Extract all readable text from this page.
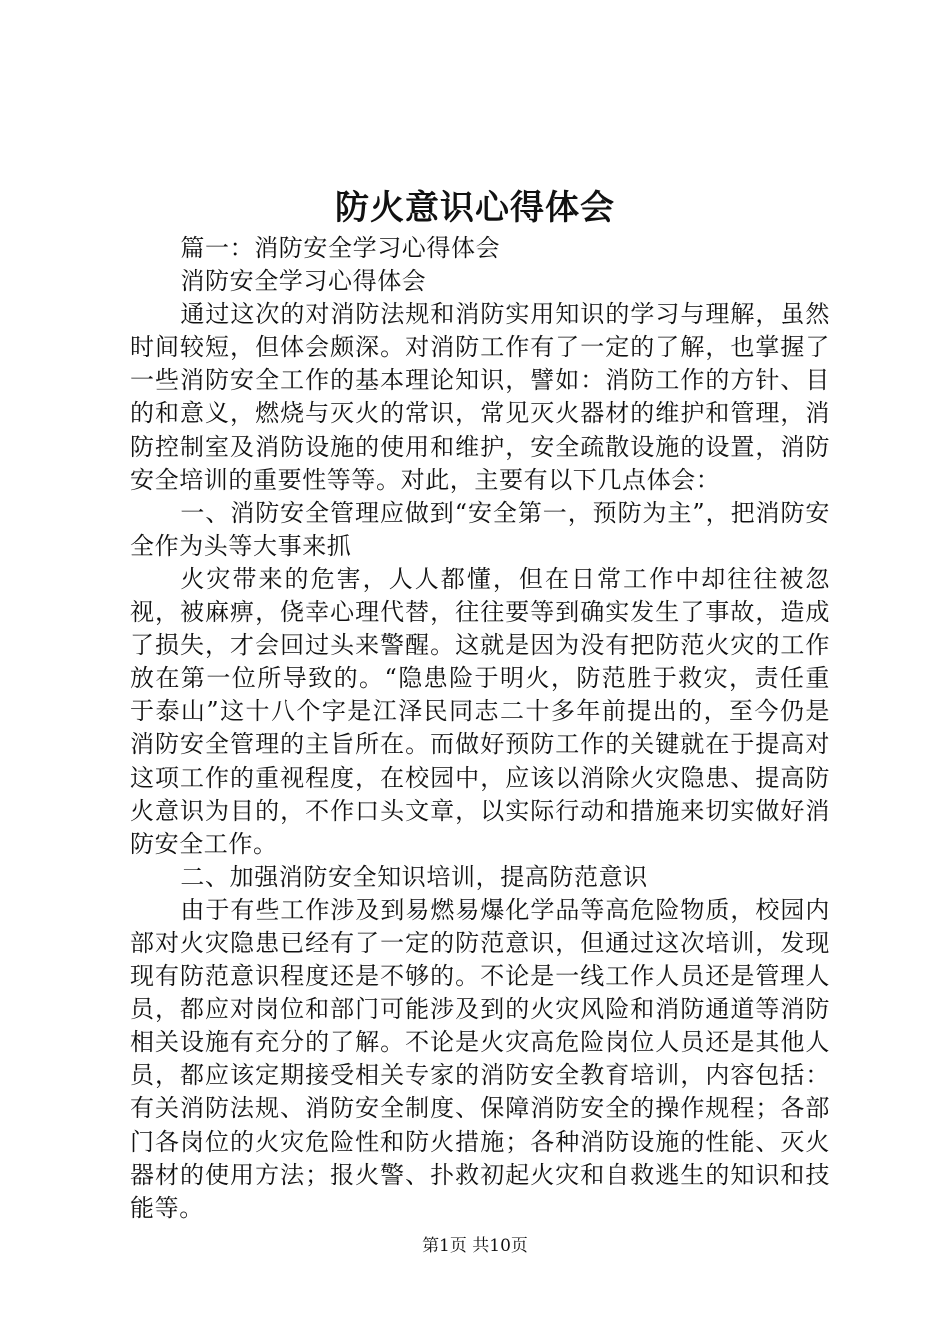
防火意识心得体会

篇一：消防安全学习心得体会

消防安全学习心得体会

通过这次的对消防法规和消防实用知识的学习与理解，虽然时间较短，但体会颇深。对消防工作有了一定的了解，也掌握了一些消防安全工作的基本理论知识，譬如：消防工作的方针、目的和意义，燃烧与灭火的常识，常见灭火器材的维护和管理，消防控制室及消防设施的使用和维护，安全疏散设施的设置，消防安全培训的重要性等等。对此，主要有以下几点体会：

一、消防安全管理应做到“安全第一，预防为主”，把消防安全作为头等大事来抓

火灾带来的危害，人人都懂，但在日常工作中却往往被忽视，被麻痹，侥幸心理代替，往往要等到确实发生了事故，造成了损失，才会回过头来警醒。这就是因为没有把防范火灾的工作放在第一位所导致的。“隐患险于明火，防范胜于救灾，责任重于泰山”这十八个字是江泽民同志二十多年前提出的，至今仍是消防安全管理的主旨所在。而做好预防工作的关键就在于提高对这项工作的重视程度，在校园中，应该以消除火灾隐患、提高防火意识为目的，不作口头文章，以实际行动和措施来切实做好消防安全工作。

二、加强消防安全知识培训，提高防范意识

由于有些工作涉及到易燃易爆化学品等高危险物质，校园内部对火灾隐患已经有了一定的防范意识，但通过这次培训，发现现有防范意识程度还是不够的。不论是一线工作人员还是管理人员，都应对岗位和部门可能涉及到的火灾风险和消防通道等消防相关设施有充分的了解。不论是火灾高危险岗位人员还是其他人员，都应该定期接受相关专家的消防安全教育培训，内容包括：有关消防法规、消防安全制度、保障消防安全的操作规程；各部门各岗位的火灾危险性和防火措施；各种消防设施的性能、灭火器材的使用方法；报火警、扑救初起火灾和自救逃生的知识和技能等。

第1页 共10页
